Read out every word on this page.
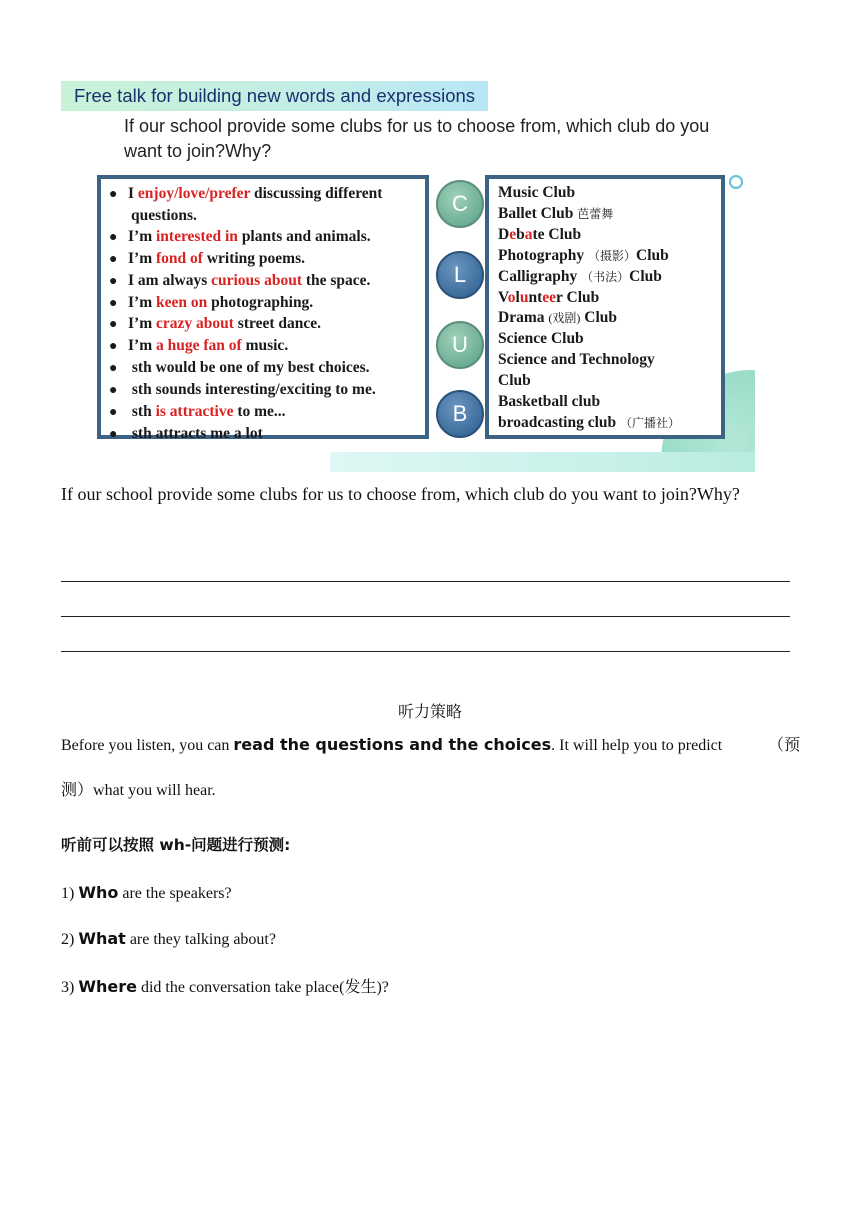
Free talk for building new words and expressions
If our school provide some clubs for us to choose from, which club do you want to join?Why?
● I enjoy/love/prefer discussing different
questions.
● I’m interested in plants and animals.
● I’m fond of writing poems.
● I am always curious about the space.
● I’m keen on photographing.
● I’m crazy about street dance.
● I’m a huge fan of music.
● sth would be one of my best choices.
● sth sounds interesting/exciting to me.
● sth is attractive to me...
● sth attracts me a lot
C
L
U
B
Music Club
Ballet Club 芭蕾舞
Debate Club
Photography （摄影）Club
Calligraphy （书法）Club
Volunteer Club
Drama (戏剧) Club
Science Club
Science and Technology
Club
Basketball club
broadcasting club （广播社）
If our school provide some clubs for us to choose from, which club do you want to join?Why?
听力策略
Before you listen, you can read the questions and the choices. It will help you to predict	（预
测）what you will hear.
听前可以按照 wh-问题进行预测:
1) Who are the speakers?
2) What are they talking about?
3) Where did the conversation take place(发生)?
